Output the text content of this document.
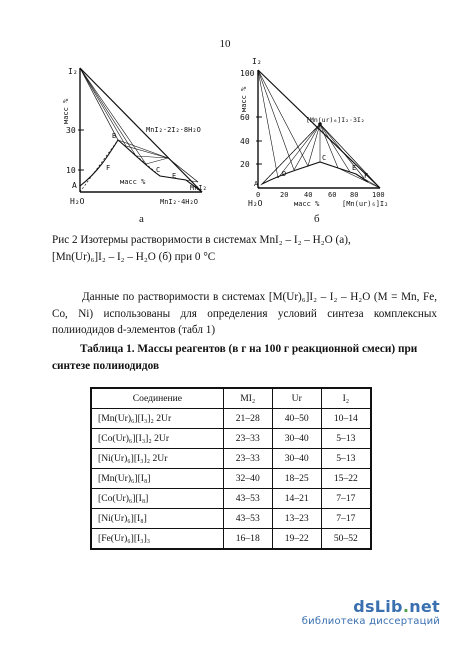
10
I₂
масс %
30
10
A
B
C
E
F
масс %
H₂O
MnI₂·2I₂·8H₂O
MnI₂·4H₂O
MnI₂
а
I₂
100
60
40
20
масс %
[Mn(ur)₆]I₂·3I₂
A
D
C
E
F
0	20 40 60 80 100
H₂O	масс %	[Mn(ur)₆]I₂
б
Рис 2 Изотермы растворимости в системах MnI₂ – I₂ – H₂O (а),
[Mn(Ur)₆]I₂ – I₂ – H₂O (б) при 0 °С
Данные по растворимости в системах [M(Ur)₆]I₂ – I₂ – H₂O (M = Mn, Fe, Co, Ni) использованы для определения условий синтеза комплексных полииодидов d-элементов (табл 1)
Таблица 1. Массы реагентов (в г на 100 г реакционной смеси) при синтезе полииодидов
Соединение	MI₂	Ur	I₂
[Mn(Ur)₆][I₃]₂ 2Ur	21–28	40–50	10–14
[Co(Ur)₆][I₃]₂ 2Ur	23–33	30–40	5–13
[Ni(Ur)₆][I₃]₂ 2Ur	23–33	30–40	5–13
[Mn(Ur)₆][I₈]	32–40	18–25	15–22
[Co(Ur)₆][I₈]	43–53	14–21	7–17
[Ni(Ur)₆][I₈]	43–53	13–23	7–17
[Fe(Ur)₆][I₃]₃	16–18	19–22	50–52
dsLib.net
библиотека диссертаций
